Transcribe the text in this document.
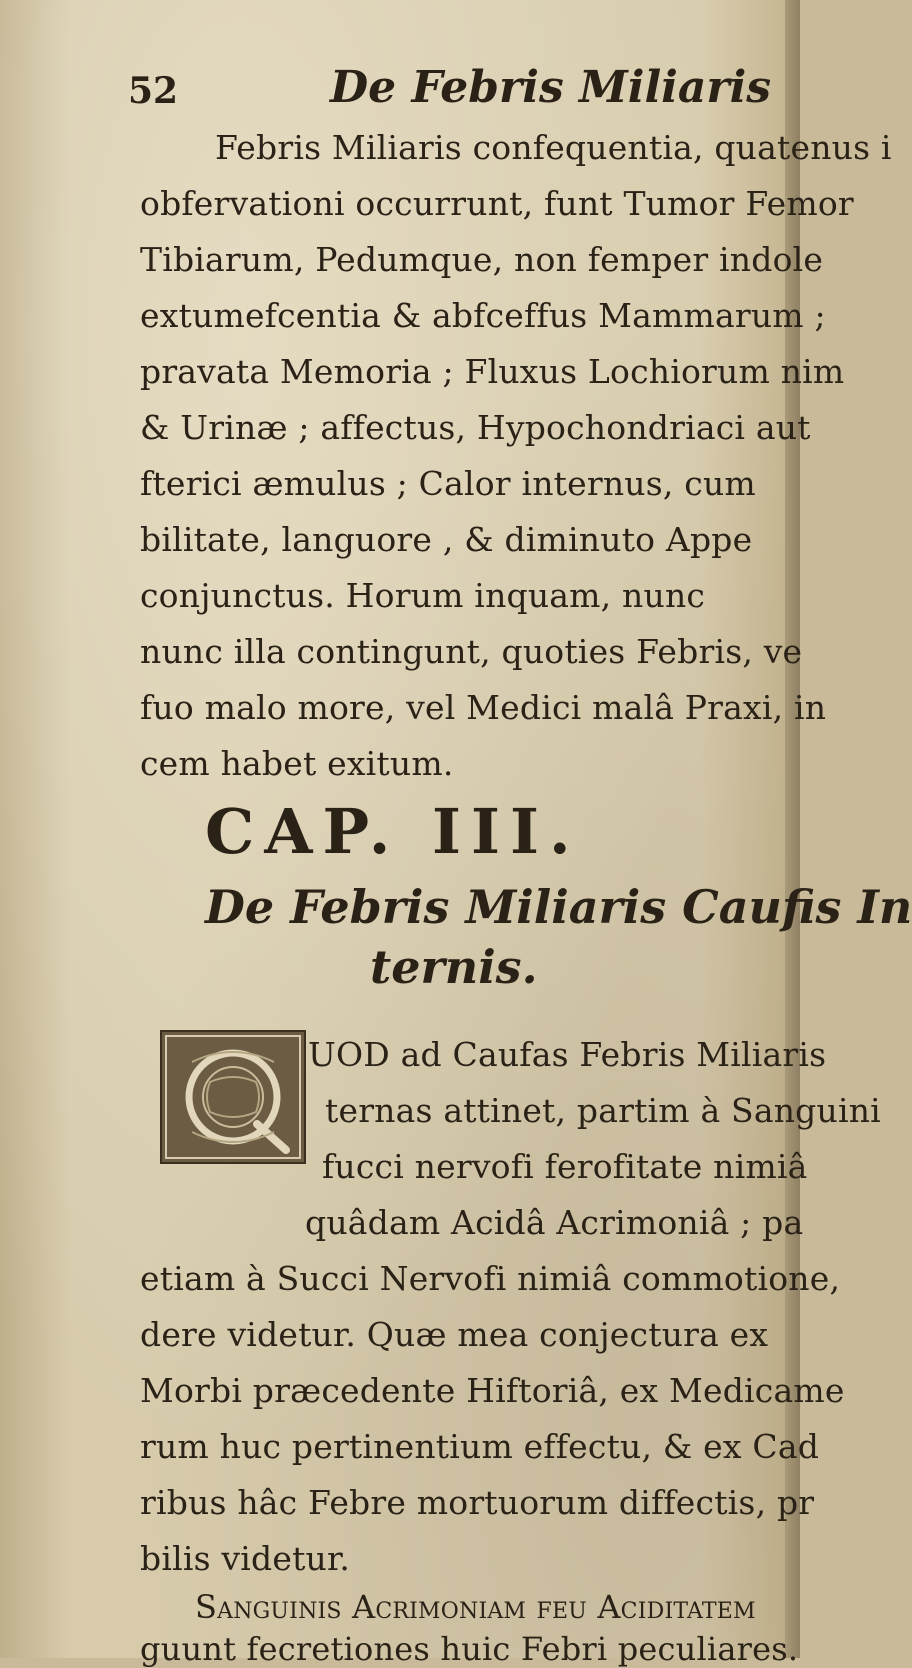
52	De Febris Miliaris
Febris Miliaris confequentia, quatenus i
obfervationi occurrunt, funt Tumor Femor
Tibiarum, Pedumque, non femper indole
extumefcentia & abfceffus Mammarum ;
pravata Memoria ; Fluxus Lochiorum nim
& Urinæ ; affectus, Hypochondriaci aut
fterici æmulus ; Calor internus, cum
bilitate, languore , & diminuto Appe
conjunctus. Horum inquam, nunc
nunc illa contingunt, quoties Febris, ve
fuo malo more, vel Medici malâ Praxi, in
cem habet exitum.
CAP. III.
De Febris Miliaris Caufis In
ternis.
UOD ad Caufas Febris Miliaris
ternas attinet, partim à Sanguini
fucci nervofi ferofitate nimiâ
quâdam Acidâ Acrimoniâ ; pa
etiam à Succi Nervofi nimiâ commotione,
dere videtur. Quæ mea conjectura ex
Morbi præcedente Hiftoriâ, ex Medicame
rum huc pertinentium effectu, & ex Cad
ribus hâc Febre mortuorum diffectis, pr
bilis videtur.
Sanguinis Acrimoniam feu Aciditatem
guunt fecretiones huic Febri peculiares.
